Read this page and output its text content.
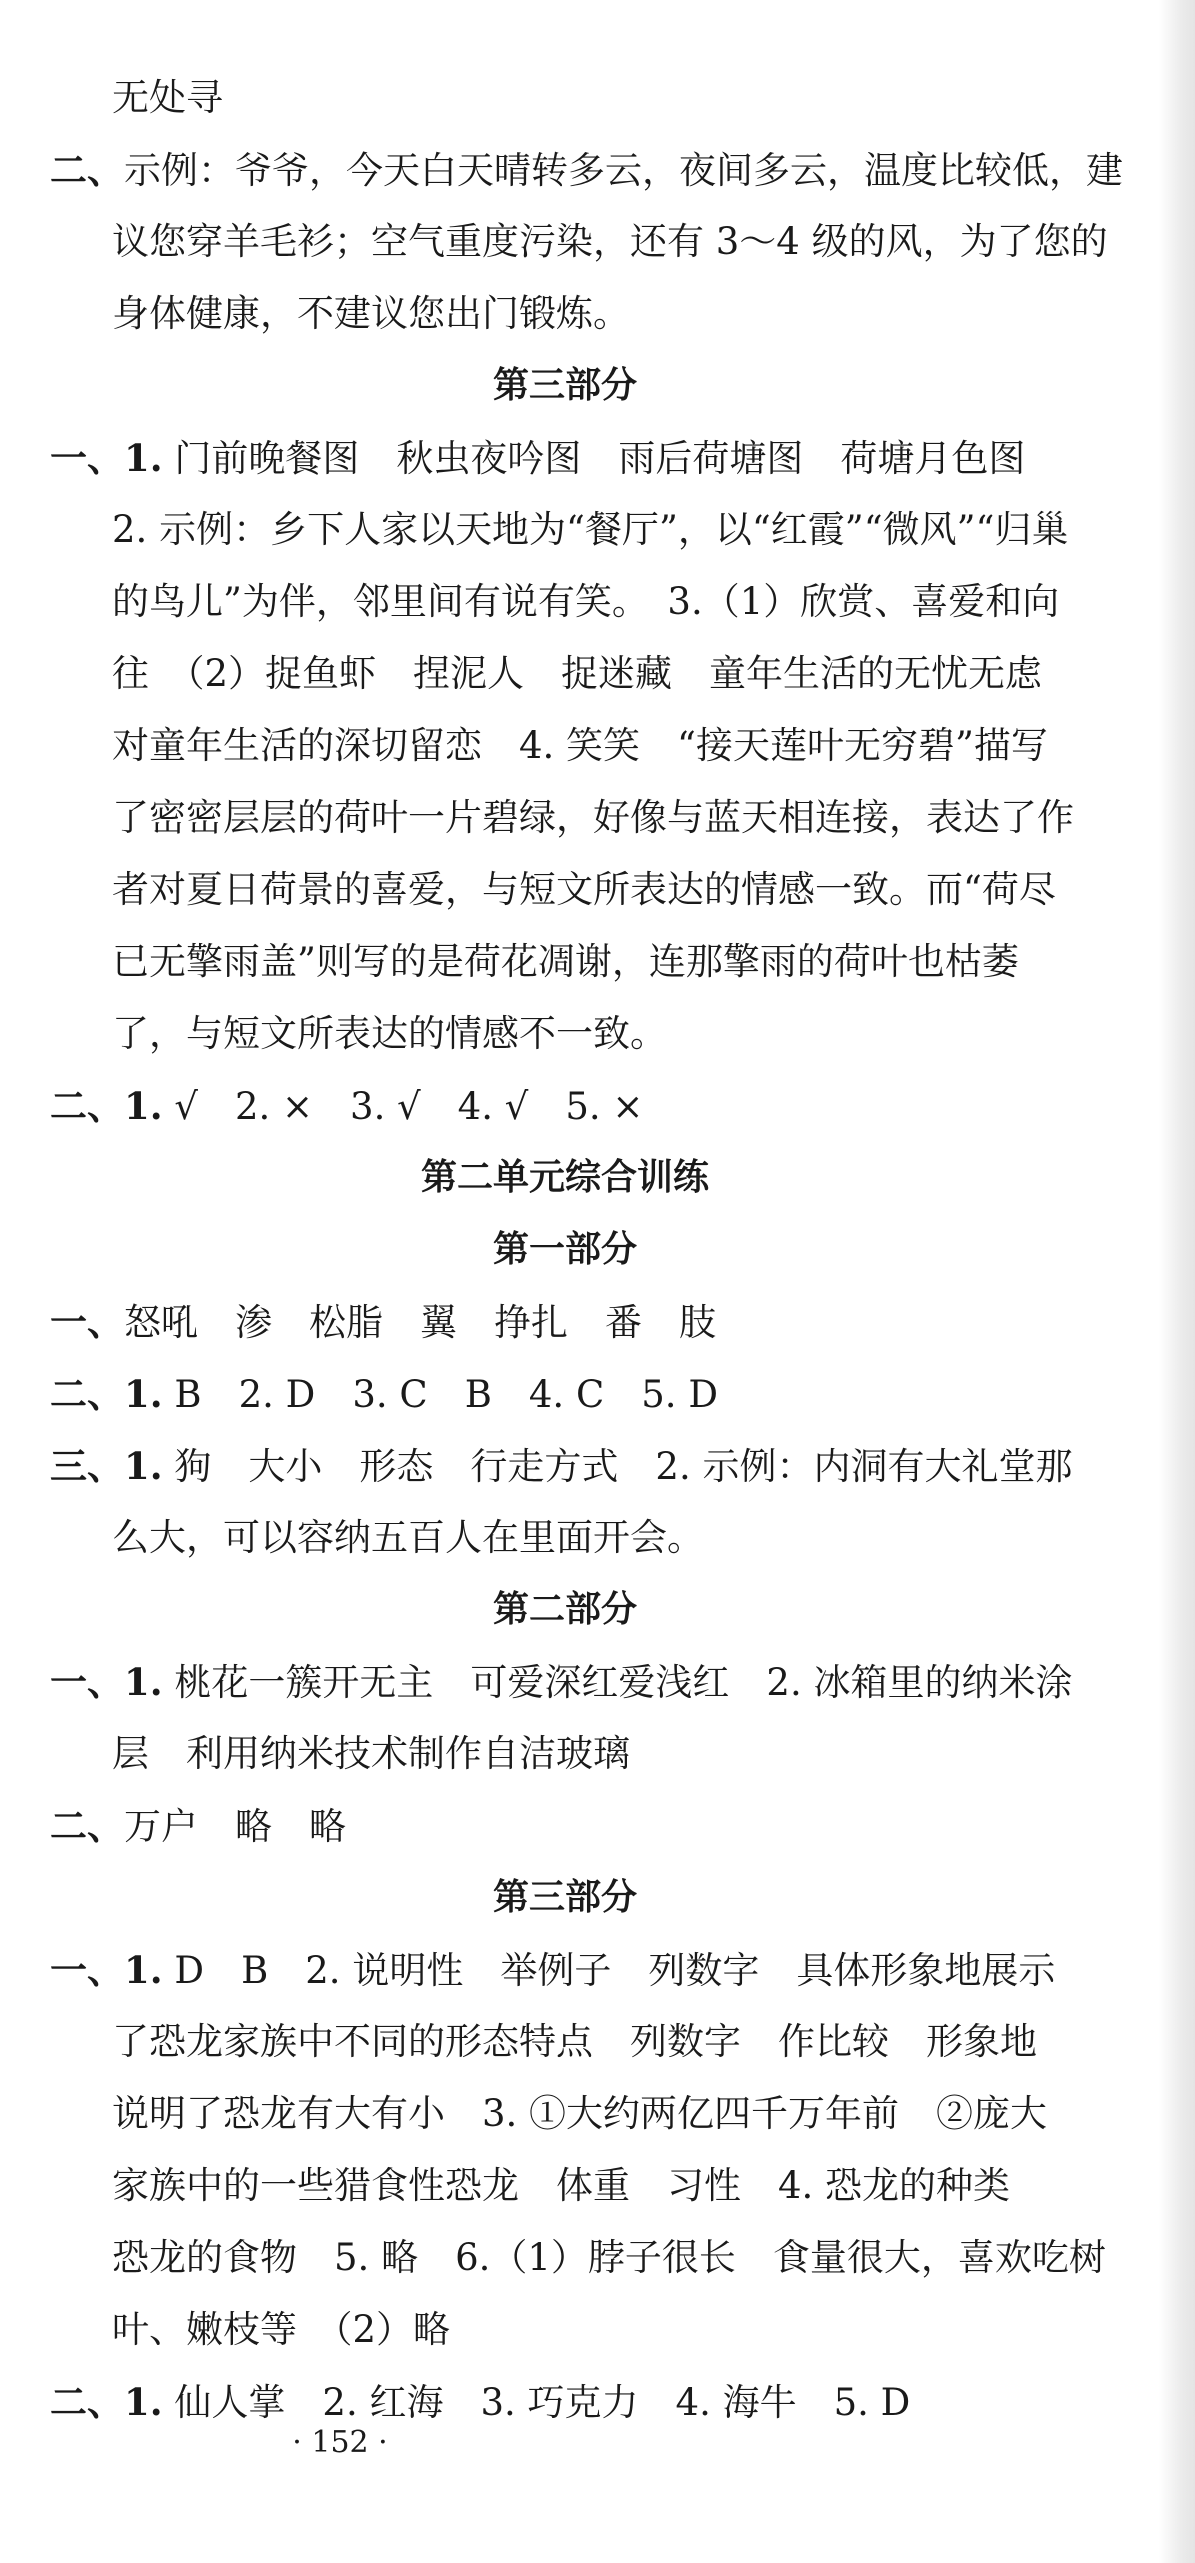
无处寻
二、示例：爷爷，今天白天晴转多云，夜间多云，温度比较低，建
议您穿羊毛衫；空气重度污染，还有 3～4 级的风，为了您的
身体健康，不建议您出门锻炼。
第三部分
一、1. 门前晚餐图　秋虫夜吟图　雨后荷塘图　荷塘月色图
2. 示例：乡下人家以天地为“餐厅”，以“红霞”“微风”“归巢
的鸟儿”为伴，邻里间有说有笑。　3.（1）欣赏、喜爱和向
往　（2）捉鱼虾　捏泥人　捉迷藏　童年生活的无忧无虑
对童年生活的深切留恋　4. 笑笑　“接天莲叶无穷碧”描写
了密密层层的荷叶一片碧绿，好像与蓝天相连接，表达了作
者对夏日荷景的喜爱，与短文所表达的情感一致。而“荷尽
已无擎雨盖”则写的是荷花凋谢，连那擎雨的荷叶也枯萎
了，与短文所表达的情感不一致。
二、1. √　2. ×　3. √　4. √　5. ×
第二单元综合训练
第一部分
一、怒吼　渗　松脂　翼　挣扎　番　肢
二、1. B　2. D　3. C　B　4. C　5. D
三、1. 狗　大小　形态　行走方式　2. 示例：内洞有大礼堂那
么大，可以容纳五百人在里面开会。
第二部分
一、1. 桃花一簇开无主　可爱深红爱浅红　2. 冰箱里的纳米涂
层　利用纳米技术制作自洁玻璃
二、万户　略　略
第三部分
一、1. D　B　2. 说明性　举例子　列数字　具体形象地展示
了恐龙家族中不同的形态特点　列数字　作比较　形象地
说明了恐龙有大有小　3. ①大约两亿四千万年前　②庞大
家族中的一些猎食性恐龙　体重　习性　4. 恐龙的种类
恐龙的食物　5. 略　6.（1）脖子很长　食量很大，喜欢吃树
叶、嫩枝等　（2）略
二、1. 仙人掌　2. 红海　3. 巧克力　4. 海牛　5. D
· 152 ·
